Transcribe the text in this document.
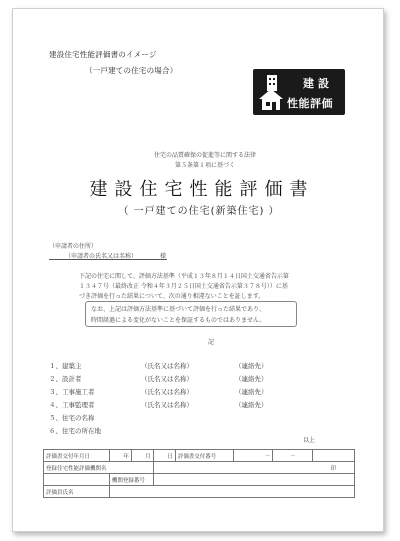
建設住宅性能評価書のイメージ
（一戸建ての住宅の場合）
建設
性能評価
住宅の品質確保の促進等に関する法律
第５条第１項に基づく
建設住宅性能評価書
（ 一戸建ての住宅(新築住宅) ）
（申請者の住所）
（申請者の氏名又は名称）	様
下記の住宅に関して、評価方法基準（平成１３年８月１４日国土交通省告示第
１３４７号（最終改正 令和４年３月２５日国土交通省告示第３７８号））に基
づき評価を行った結果について、次の通り相違ないことを証します。
なお、上記は評価方法基準に基づいて評価を行った結果であり、
時間経過による変化がないことを保証するものではありません。
記
１、建築主	（氏名又は名称）	（連絡先）
２、設計者	（氏名又は名称）	（連絡先）
３、工事施工者	（氏名又は名称）	（連絡先）
４、工事監理者	（氏名又は名称）	（連絡先）
５、住宅の名称
６、住宅の所在地
以上
評価書交付年月日	年	月	日	評価書交付番号	－	－	
登録住宅性能評価機関名			印				
	機関登録番号						
評価員氏名							
